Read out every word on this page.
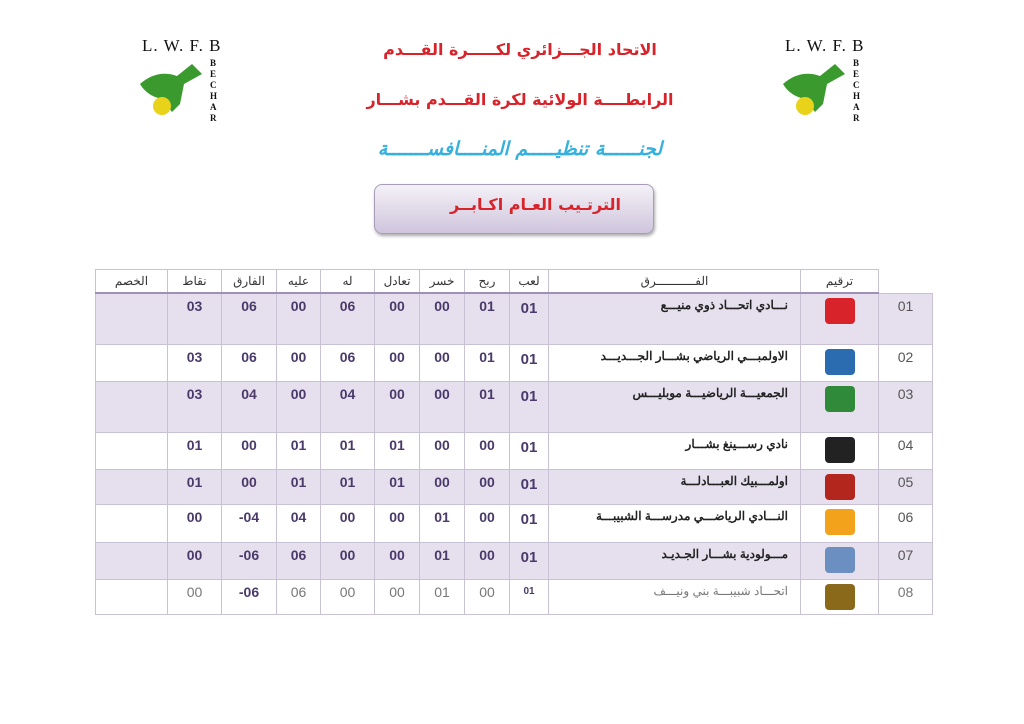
L. W. F. B
BECHAR
L. W. F. B
BECHAR
الاتحاد الجـــزائري لكـــــرة القـــدم
الرابطــــة الولائية لكرة القـــدم بشـــار
لجنــــــة تنظيـــــم المنــــافســـــــة
الترتـيب العـام اكـابــر
الخصم	نقاط	الفارق	عليه	له	تعادل	خسر	ربح	لعب	الفـــــــــــرق	ترقيم	
	03	06	00	06	00	00	01	01	نـــادي اتحـــاد ذوي منيـــع		01
	03	06	00	06	00	00	01	01	الاولمبـــي الرياضي بشـــار الجـــديـــد		02
	03	04	00	04	00	00	01	01	الجمعيـــة الرياضيـــة موبليـــس		03
	01	00	01	01	01	00	00	01	نادي رســـينغ بشـــار		04
	01	00	01	01	01	00	00	01	اولمـــبيك العبـــادلـــة		05
	00	-04	04	00	00	01	00	01	النـــادي الرياضـــي مدرســـة الشبيبـــة		06
	00	-06	06	00	00	01	00	01	مـــولودية بشـــار الجـديـد		07
	00	-06	06	00	00	01	00	01	اتحـــاد شبيبـــة بني ونيـــف		08
